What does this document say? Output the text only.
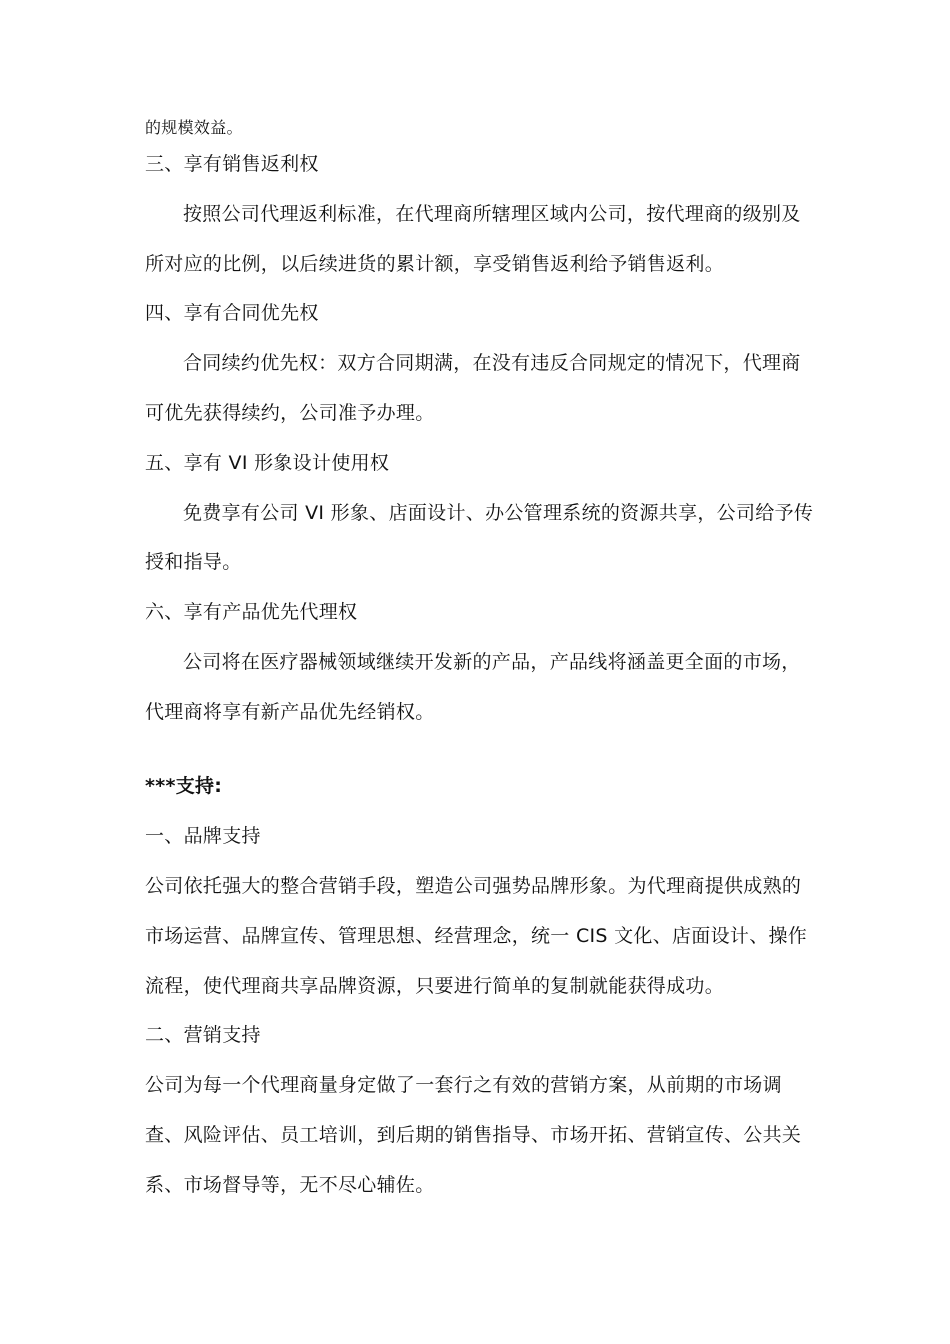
的规模效益。
三、享有销售返利权
按照公司代理返利标准，在代理商所辖理区域内公司，按代理商的级别及
所对应的比例，以后续进货的累计额，享受销售返利给予销售返利。
四、享有合同优先权
合同续约优先权：双方合同期满，在没有违反合同规定的情况下，代理商
可优先获得续约，公司准予办理。
五、享有 VI 形象设计使用权
免费享有公司 VI 形象、店面设计、办公管理系统的资源共享，公司给予传
授和指导。
六、享有产品优先代理权
公司将在医疗器械领域继续开发新的产品，产品线将涵盖更全面的市场，
代理商将享有新产品优先经销权。
***支持:
一、品牌支持
公司依托强大的整合营销手段，塑造公司强势品牌形象。为代理商提供成熟的
市场运营、品牌宣传、管理思想、经营理念，统一 CIS 文化、店面设计、操作
流程，使代理商共享品牌资源，只要进行简单的复制就能获得成功。
二、营销支持
公司为每一个代理商量身定做了一套行之有效的营销方案，从前期的市场调
查、风险评估、员工培训，到后期的销售指导、市场开拓、营销宣传、公共关
系、市场督导等，无不尽心辅佐。
